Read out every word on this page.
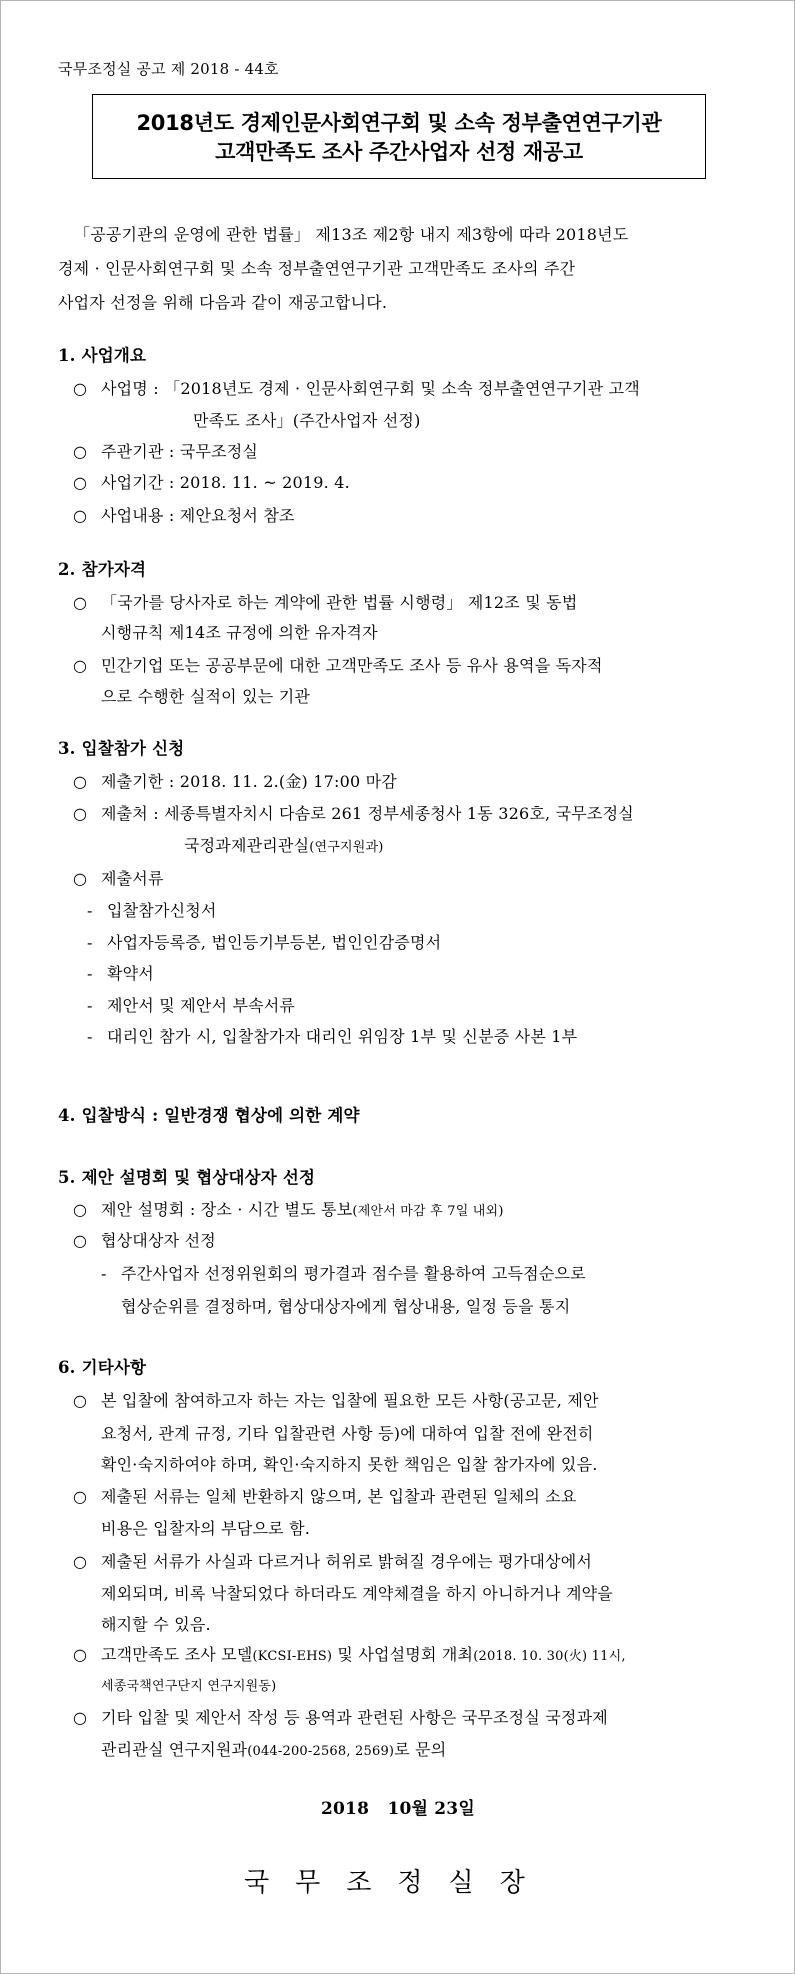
국무조정실 공고 제 2018 - 44호
2018년도 경제인문사회연구회 및 소속 정부출연연구기관
고객만족도 조사 주간사업자 선정 재공고
「공공기관의 운영에 관한 법률」 제13조 제2항 내지 제3항에 따라 2018년도
경제 · 인문사회연구회 및 소속 정부출연연구기관 고객만족도 조사의 주간
사업자 선정을 위해 다음과 같이 재공고합니다.
1. 사업개요
○ 사업명 : 「2018년도 경제 · 인문사회연구회 및 소속 정부출연연구기관 고객
만족도 조사」(주간사업자 선정)
○ 주관기관 : 국무조정실
○ 사업기간 : 2018. 11. ~ 2019. 4.
○ 사업내용 : 제안요청서 참조
2. 참가자격
○ 「국가를 당사자로 하는 계약에 관한 법률 시행령」 제12조 및 동법
시행규칙 제14조 규정에 의한 유자격자
○ 민간기업 또는 공공부문에 대한 고객만족도 조사 등 유사 용역을 독자적
으로 수행한 실적이 있는 기관
3. 입찰참가 신청
○ 제출기한 : 2018. 11. 2.(金) 17:00 마감
○ 제출처 : 세종특별자치시 다솜로 261 정부세종청사 1동 326호, 국무조정실
국정과제관리관실(연구지원과)
○ 제출서류
- 입찰참가신청서
- 사업자등록증, 법인등기부등본, 법인인감증명서
- 확약서
- 제안서 및 제안서 부속서류
- 대리인 참가 시, 입찰참가자 대리인 위임장 1부 및 신분증 사본 1부
4. 입찰방식 : 일반경쟁 협상에 의한 계약
5. 제안 설명회 및 협상대상자 선정
○ 제안 설명회 : 장소 · 시간 별도 통보(제안서 마감 후 7일 내외)
○ 협상대상자 선정
- 주간사업자 선정위원회의 평가결과 점수를 활용하여 고득점순으로
협상순위를 결정하며, 협상대상자에게 협상내용, 일정 등을 통지
6. 기타사항
○ 본 입찰에 참여하고자 하는 자는 입찰에 필요한 모든 사항(공고문, 제안
요청서, 관계 규정, 기타 입찰관련 사항 등)에 대하여 입찰 전에 완전히
확인·숙지하여야 하며, 확인·숙지하지 못한 책임은 입찰 참가자에 있음.
○ 제출된 서류는 일체 반환하지 않으며, 본 입찰과 관련된 일체의 소요
비용은 입찰자의 부담으로 함.
○ 제출된 서류가 사실과 다르거나 허위로 밝혀질 경우에는 평가대상에서
제외되며, 비록 낙찰되었다 하더라도 계약체결을 하지 아니하거나 계약을
해지할 수 있음.
○ 고객만족도 조사 모델(KCSI-EHS) 및 사업설명회 개최(2018. 10. 30(火) 11시,
세종국책연구단지 연구지원동)
○ 기타 입찰 및 제안서 작성 등 용역과 관련된 사항은 국무조정실 국정과제
관리관실 연구지원과(044-200-2568, 2569)로 문의
2018   10월 23일
국무조정실장
